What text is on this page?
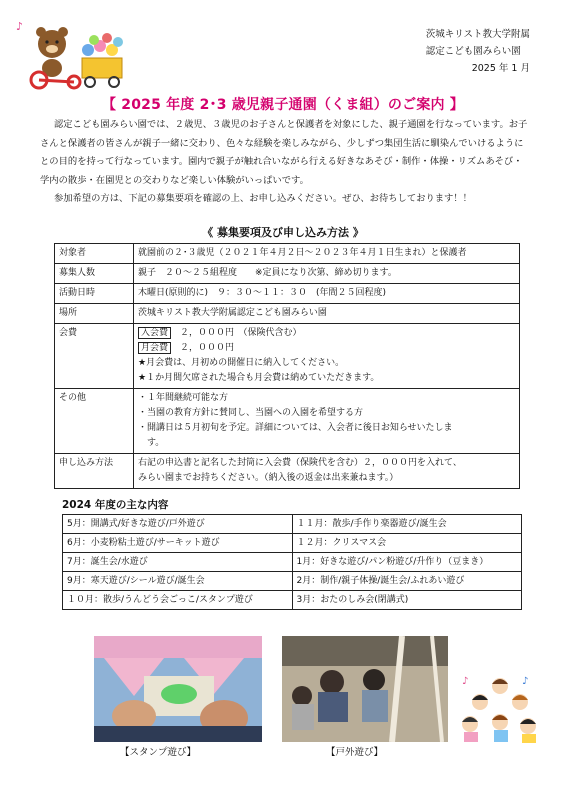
♪
茨城キリスト教大学附属
認定こども園みらい園
2025 年 1 月
【 2025 年度 2･3 歳児親子通園（くま組）のご案内 】

認定こども園みらい園では、２歳児、３歳児のお子さんと保護者を対象にした、親子通園を行なっています。お子さんと保護者の皆さんが親子一緒に交わり、色々な経験を楽しみながら、少しずつ集団生活に馴染んでいけるようにとの目的を持って行なっています。園内で親子が触れ合いながら行える好きなあそび・制作・体操・リズムあそび・学内の散歩・在園児との交わりなど楽しい体験がいっぱいです。

参加希望の方は、下記の募集要項を確認の上、お申し込みください。ぜひ、お待ちしております！！

《 募集要項及び申し込み方法 》
対象者	就園前の２･３歳児（２０２１年４月２日～２０２３年４月１日生まれ）と保護者
募集人数	親子　２０～２５組程度　　※定員になり次第、締め切ります。
活動日時	木曜日(原則的に)　９：３０～１１：３０　(年間２５回程度)
場所	茨城キリスト教大学附属認定こども園みらい園
会費	入会費　 ２，０００円　（保険代含む）
月会費　 ２，０００円
★月会費は、月初めの開催日に納入してください。
★１か月間欠席された場合も月会費は納めていただきます。

その他	・１年間継続可能な方
・当園の教育方針に賛同し、当園への入園を希望する方
・開講日は５月初旬を予定。詳細については、入会者に後日お知らせいたしま
　す。

申し込み方法	右記の申込書と記名した封筒に入会費（保険代を含む）２，０００円を入れて、
みらい園までお持ちください。（納入後の返金は出来兼ねます。）
2024 年度の主な内容
5月：開講式/好きな遊び/戸外遊び	１１月：散歩/手作り楽器遊び/誕生会
6月：小麦粉粘土遊び/サーキット遊び	１２月：クリスマス会
7月：誕生会/水遊び	1月：好きな遊び/パン粉遊び/升作り（豆まき）
9月：寒天遊び/シール遊び/誕生会	2月：制作/親子体操/誕生会/ふれあい遊び
１０月：散歩/うんどう会ごっこ/スタンプ遊び	3月：おたのしみ会(閉講式)
【スタンプ遊び】	【戸外遊び】
♪	♪
